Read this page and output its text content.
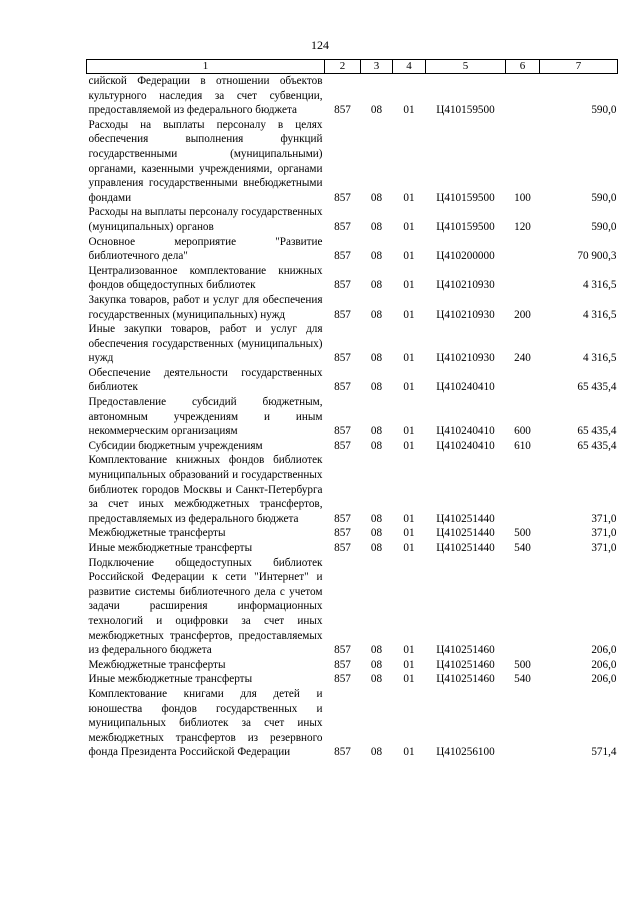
124
1	2	3	4	5	6	7
сийской Федерации в отношении объектов культурного наследия за счет субвенции, предоставляемой из федерального бюджета	857	08	01	Ц410159500		590,0
Расходы на выплаты персоналу в целях обеспечения выполнения функций государственными (муниципальными) органами, казенными учреждениями, органами управления государственными внебюджетными фондами	857	08	01	Ц410159500	100	590,0
Расходы на выплаты персоналу государственных (муниципальных) органов	857	08	01	Ц410159500	120	590,0
Основное мероприятие "Развитие библиотечного дела"	857	08	01	Ц410200000		70 900,3
Централизованное комплектование книжных фондов общедоступных библиотек	857	08	01	Ц410210930		4 316,5
Закупка товаров, работ и услуг для обеспечения государственных (муниципальных) нужд	857	08	01	Ц410210930	200	4 316,5
Иные закупки товаров, работ и услуг для обеспечения государственных (муниципальных) нужд	857	08	01	Ц410210930	240	4 316,5
Обеспечение деятельности государственных библиотек	857	08	01	Ц410240410		65 435,4
Предоставление субсидий бюджетным, автономным учреждениям и иным некоммерческим организациям	857	08	01	Ц410240410	600	65 435,4
Субсидии бюджетным учреждениям	857	08	01	Ц410240410	610	65 435,4
Комплектование книжных фондов библиотек муниципальных образований и государственных библиотек городов Москвы и Санкт-Петербурга за счет иных межбюджетных трансфертов, предоставляемых из федерального бюджета	857	08	01	Ц410251440		371,0
Межбюджетные трансферты	857	08	01	Ц410251440	500	371,0
Иные межбюджетные трансферты	857	08	01	Ц410251440	540	371,0
Подключение общедоступных библиотек Российской Федерации к сети "Интернет" и развитие системы библиотечного дела с учетом задачи расширения информационных технологий и оцифровки за счет иных межбюджетных трансфертов, предоставляемых из федерального бюджета	857	08	01	Ц410251460		206,0
Межбюджетные трансферты	857	08	01	Ц410251460	500	206,0
Иные межбюджетные трансферты	857	08	01	Ц410251460	540	206,0
Комплектование книгами для детей и юношества фондов государственных и муниципальных библиотек за счет иных межбюджетных трансфертов из резервного фонда Президента Российской Федерации	857	08	01	Ц410256100		571,4
